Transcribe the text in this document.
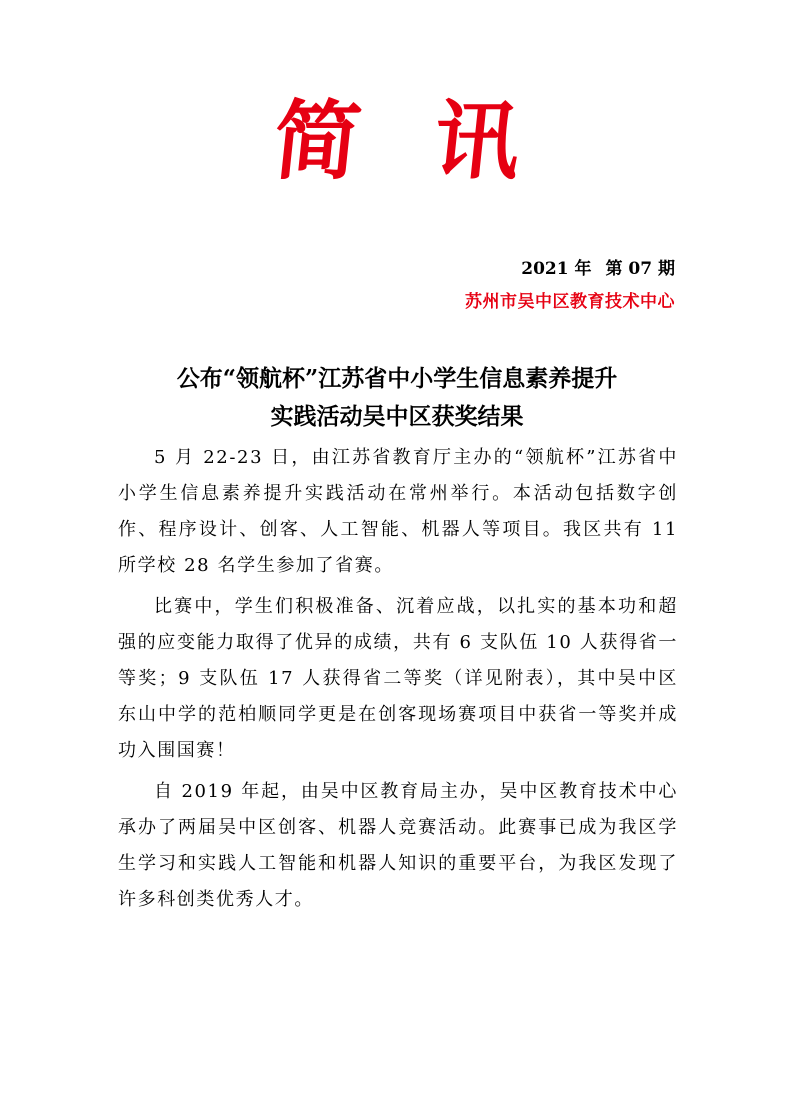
简 讯
2021 年 第 07 期
苏州市吴中区教育技术中心
公布“领航杯”江苏省中小学生信息素养提升
实践活动吴中区获奖结果

5 月 22-23 日，由江苏省教育厅主办的“领航杯”江苏省中小学生信息素养提升实践活动在常州举行。本活动包括数字创作、程序设计、创客、人工智能、机器人等项目。我区共有 11 所学校 28 名学生参加了省赛。

比赛中，学生们积极准备、沉着应战，以扎实的基本功和超强的应变能力取得了优异的成绩，共有 6 支队伍 10 人获得省一等奖；9 支队伍 17 人获得省二等奖（详见附表），其中吴中区东山中学的范柏顺同学更是在创客现场赛项目中获省一等奖并成功入围国赛！

自 2019 年起，由吴中区教育局主办，吴中区教育技术中心承办了两届吴中区创客、机器人竞赛活动。此赛事已成为我区学生学习和实践人工智能和机器人知识的重要平台，为我区发现了许多科创类优秀人才。
